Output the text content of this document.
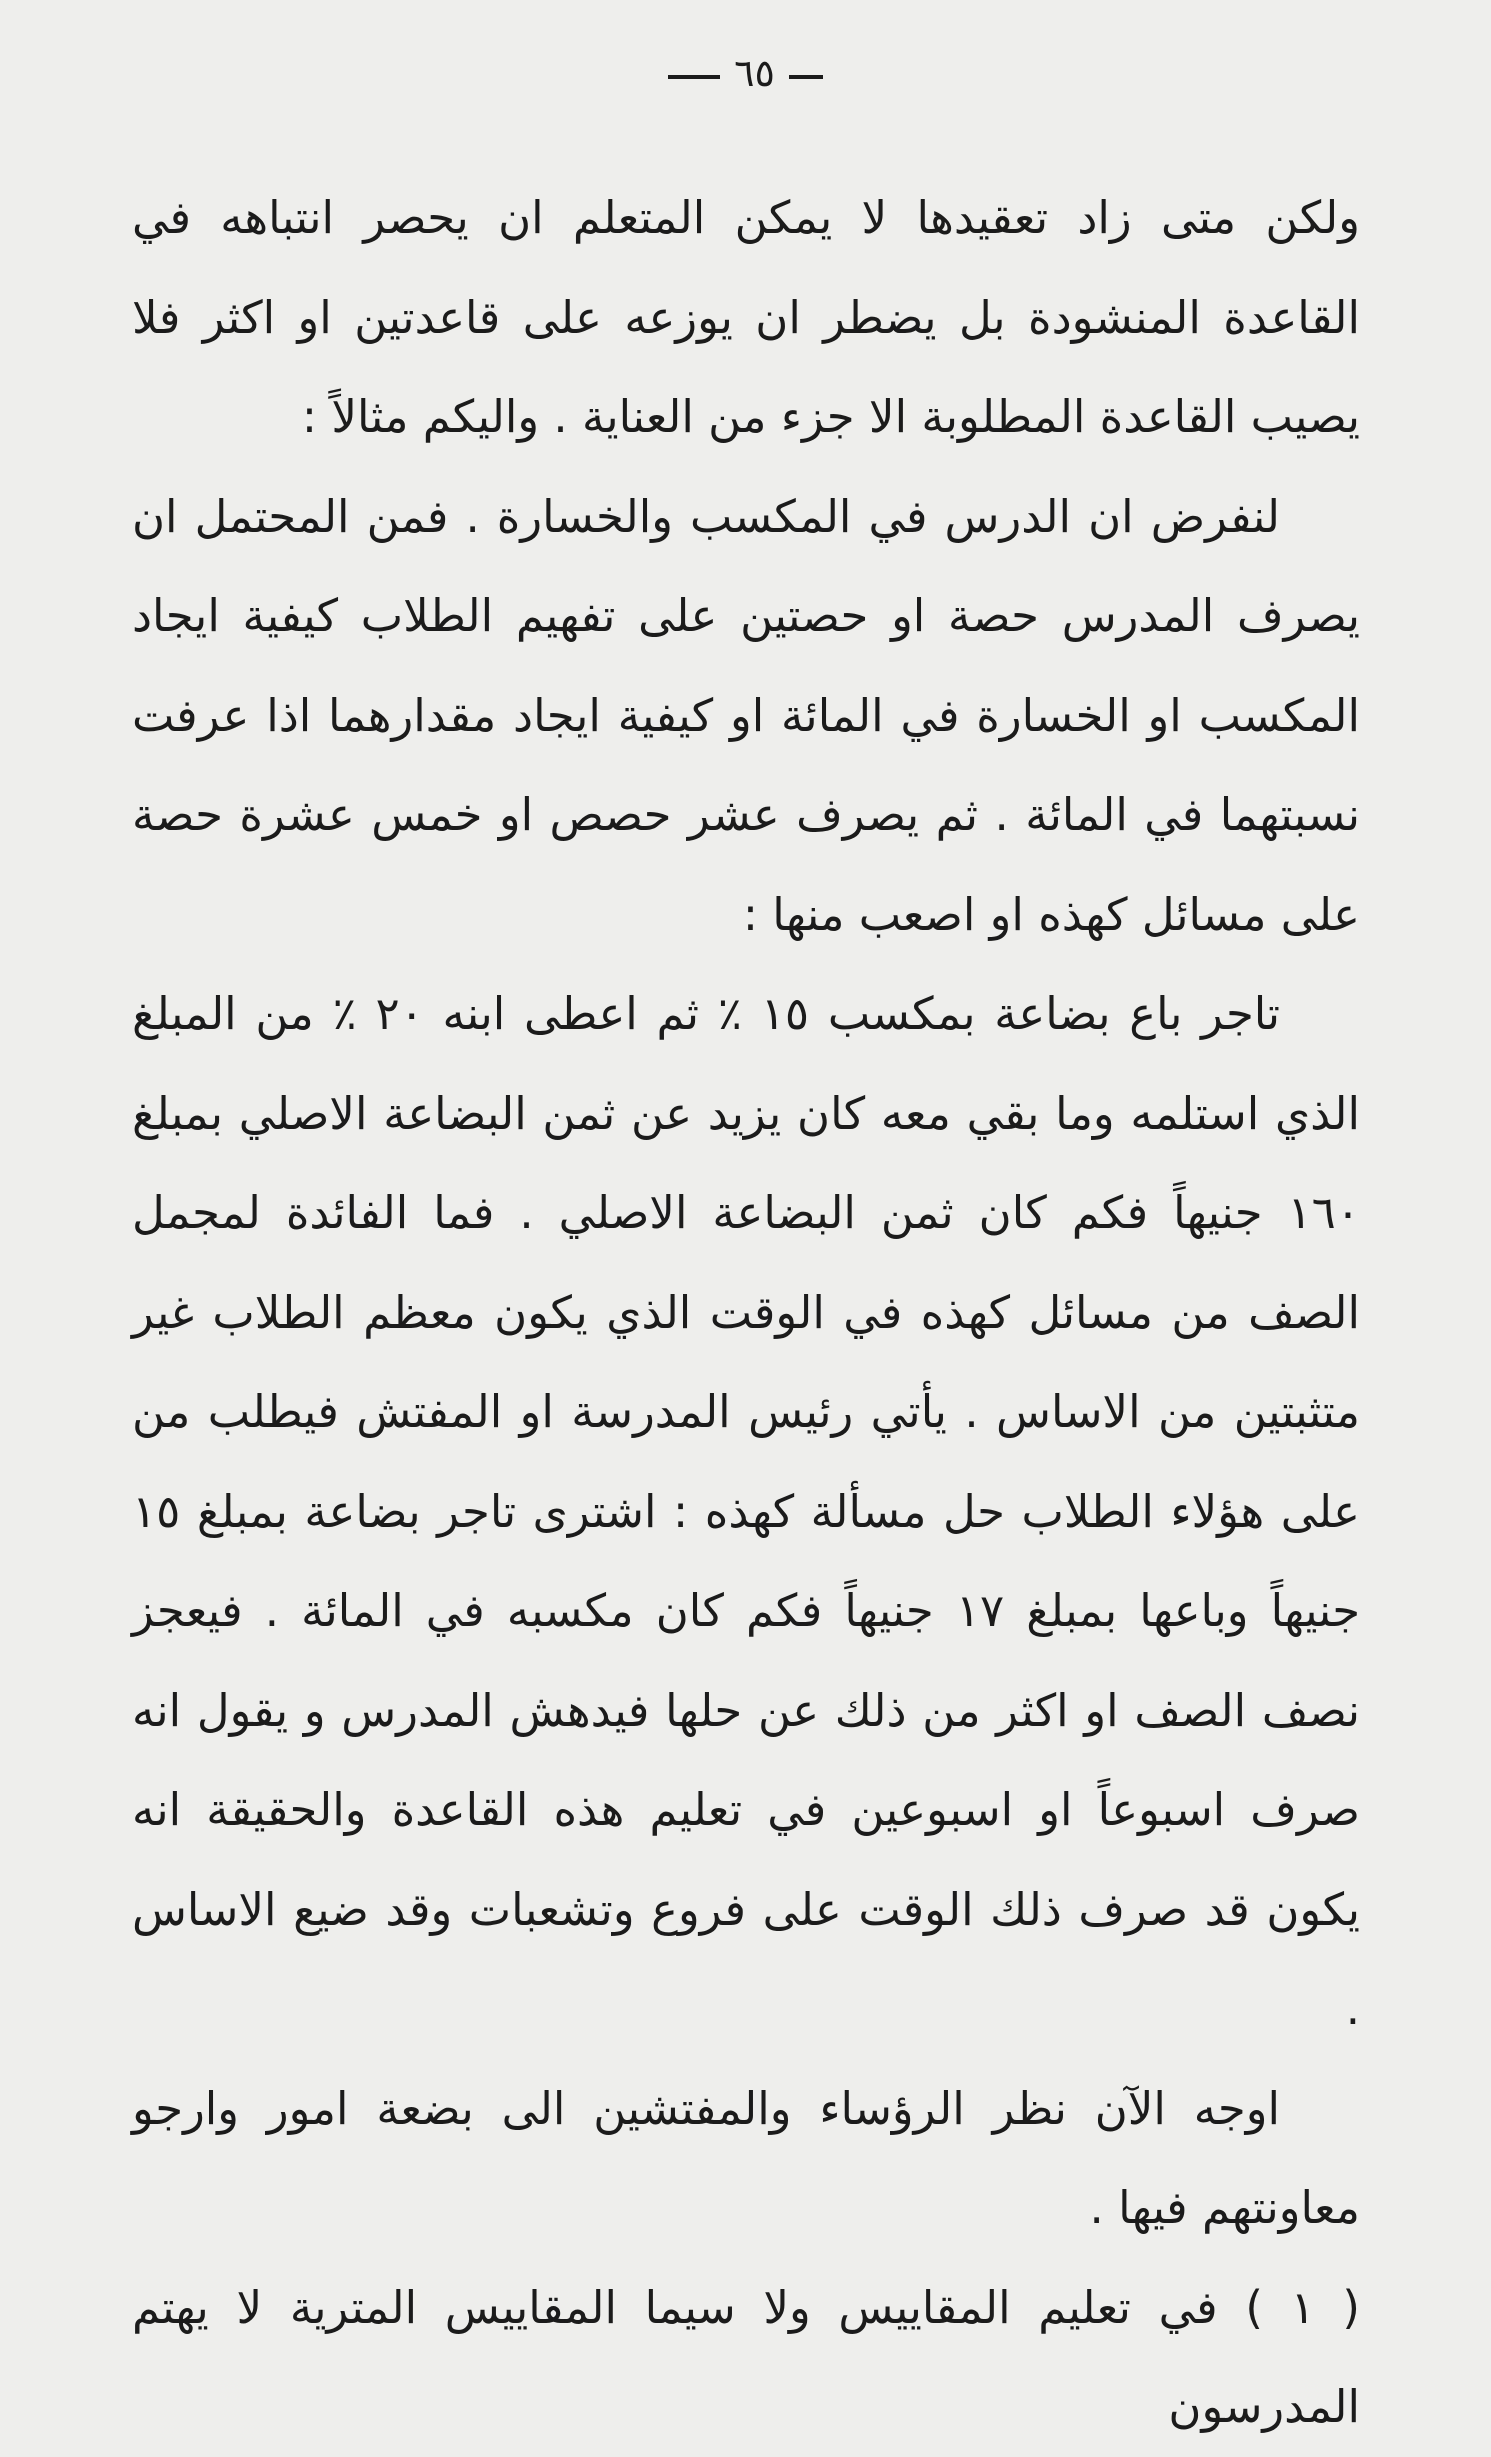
٦٥

ولكن متى زاد تعقيدها لا يمكن المتعلم ان يحصر انتباهه في القاعدة المنشودة بل يضطر ان يوزعه على قاعدتين او اكثر فلا يصيب القاعدة المطلوبة الا جزء من العناية . واليكم مثالاً :

لنفرض ان الدرس في المكسب والخسارة . فمن المحتمل ان يصرف المدرس حصة او حصتين على تفهيم الطلاب كيفية ايجاد المكسب او الخسارة في المائة او كيفية ايجاد مقدارهما اذا عرفت نسبتهما في المائة . ثم يصرف عشر حصص او خمس عشرة حصة على مسائل كهذه او اصعب منها :

تاجر باع بضاعة بمكسب ١٥ ٪ ثم اعطى ابنه ٢٠ ٪ من المبلغ الذي استلمه وما بقي معه كان يزيد عن ثمن البضاعة الاصلي بمبلغ ١٦٠ جنيهاً فكم كان ثمن البضاعة الاصلي . فما الفائدة لمجمل الصف من مسائل كهذه في الوقت الذي يكون معظم الطلاب غير متثبتين من الاساس . يأتي رئيس المدرسة او المفتش فيطلب من على هؤلاء الطلاب حل مسألة كهذه : اشترى تاجر بضاعة بمبلغ ١٥ جنيهاً وباعها بمبلغ ١٧ جنيهاً فكم كان مكسبه في المائة . فيعجز نصف الصف او اكثر من ذلك عن حلها فيدهش المدرس و يقول انه صرف اسبوعاً او اسبوعين في تعليم هذه القاعدة والحقيقة انه يكون قد صرف ذلك الوقت على فروع وتشعبات وقد ضيع الاساس .

اوجه الآن نظر الرؤساء والمفتشين الى بضعة امور وارجو معاونتهم فيها .

( ١ ) في تعليم المقاييس ولا سيما المقاييس المترية لا يهتم المدرسون
